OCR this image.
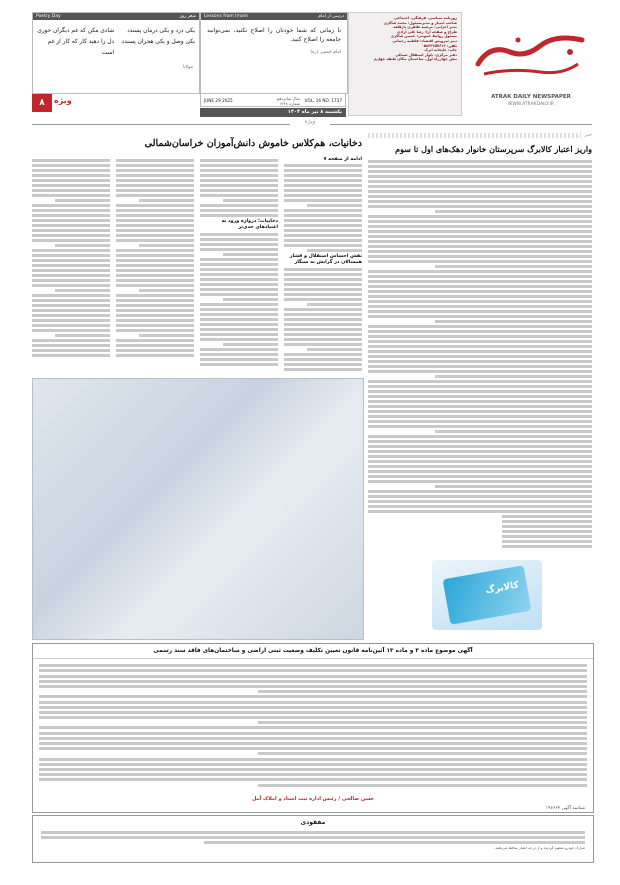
ATRAK DAILY NEWSPAPER
WWW.ATRAKDAILY.IR
روزنامه سیاسی، فرهنگی، اجتماعی
صاحب امتیاز و مدیرمسئول: محمد شاکری
مدیر اجرایی: مرضیه طاهری بازقلعه
طراح و صفحه آرا: رضا علی آزادی
مسئول روابط عمومی: حسین شاکری
دبیر سرویس اقتصاد: فاطمه رحمانی
تلفن: ۰۵۸۳۲۲۵۷۶۱۲
چاپ: چاپخانه اترک
دفتر مرکزی: بلوار استقلال شمالی
نبش چهارراه اول، ساختمان نیکان طبقه چهارم
Lessons from Imam	درسی از امام
تا زمانی که شما خودتان را اصلاح نکنید، نمی‌توانید جامعه را اصلاح کنید.
امام خمینی (ره)
Poetry Day	شعر روز
یکی درد و یکی درمان پسندد
یکی وصل و یکی هجران پسندد
شادی مکن که غم دیگران خوری
دل را دهید کار که کار از غم است
مولانا
JUNE 29 2025	VOL. 16 NO. 1737
یکشنبه ۸ تیر ماه ۱۴۰۴
سال شانزدهم
شماره ۱۳۶۸
۸	ویژه
ویژه
دخانیات، هم‌کلاس خاموش دانش‌آموزان خراسان‌شمالی
ادامه از صفحه ۷
نقش احساس استقلال و فشار همسالان در گرایش به سیگار
دخانیات؛ دروازه ورود به اعتیادهای جدی‌تر
خبر
واریز اعتبار کالابرگ سرپرستان خانوار دهک‌های اول تا سوم
کالابرگ
آگهی موضوع ماده ۳ و ماده ۱۳ آئین‌نامه قانون تعیین تکلیف وضعیت ثبتی اراضی و ساختمان‌های فاقد سند رسمی
حسن صالحی / رئیس اداره ثبت اسناد و املاک آمل
شناسه آگهی ۱۹۶۶۶۴
مفقودی
مدارک خودرو مفقود گردیده و از درجه اعتبار ساقط می‌باشد.
